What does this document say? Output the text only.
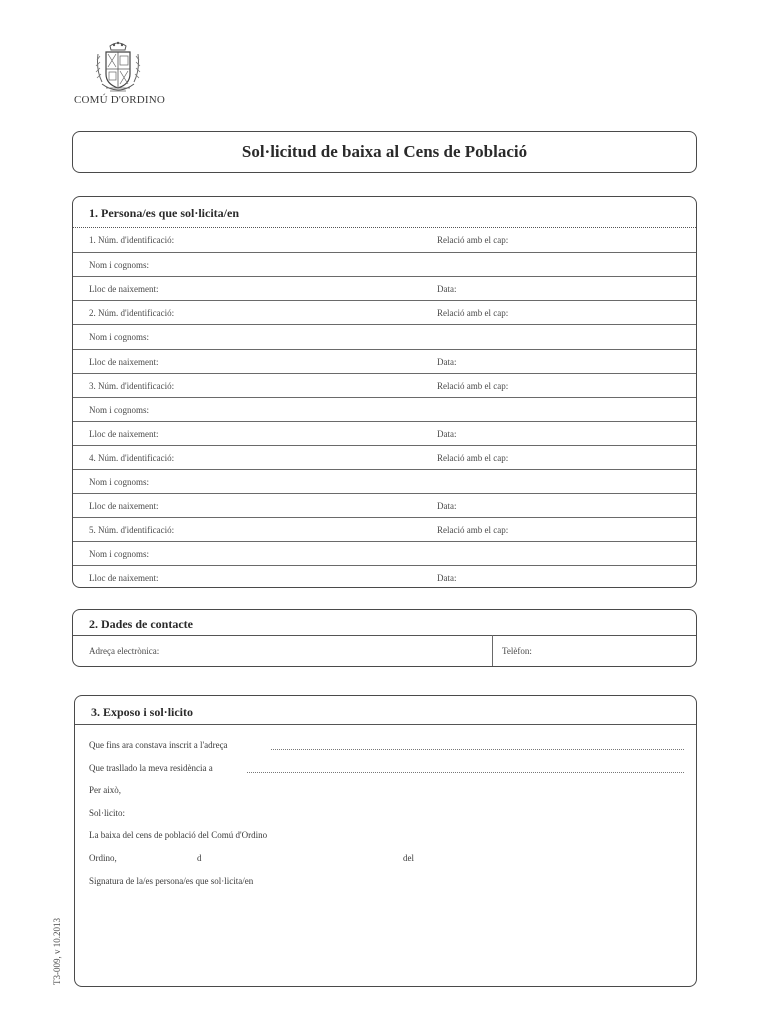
COMÚ D'ORDINO
Sol·licitud de baixa al Cens de Població
1. Persona/es que sol·licita/en
1. Núm. d'identificació:	Relació amb el cap:
Nom i cognoms:
Lloc de naixement:	Data:
2. Núm. d'identificació:	Relació amb el cap:
Nom i cognoms:
Lloc de naixement:	Data:
3. Núm. d'identificació:	Relació amb el cap:
Nom i cognoms:
Lloc de naixement:	Data:
4. Núm. d'identificació:	Relació amb el cap:
Nom i cognoms:
Lloc de naixement:	Data:
5. Núm. d'identificació:	Relació amb el cap:
Nom i cognoms:
Lloc de naixement:	Data:
2. Dades de contacte
Adreça electrònica:	Telèfon:
3. Exposo i sol·licito
Que fins ara constava inscrit a l'adreça
Que trasllado la meva residència a
Per això,
Sol·licito:
La baixa del cens de població del Comú d'Ordino
Ordino,	d	del
Signatura de la/es persona/es que sol·licita/en
T3-009, v 10.2013
